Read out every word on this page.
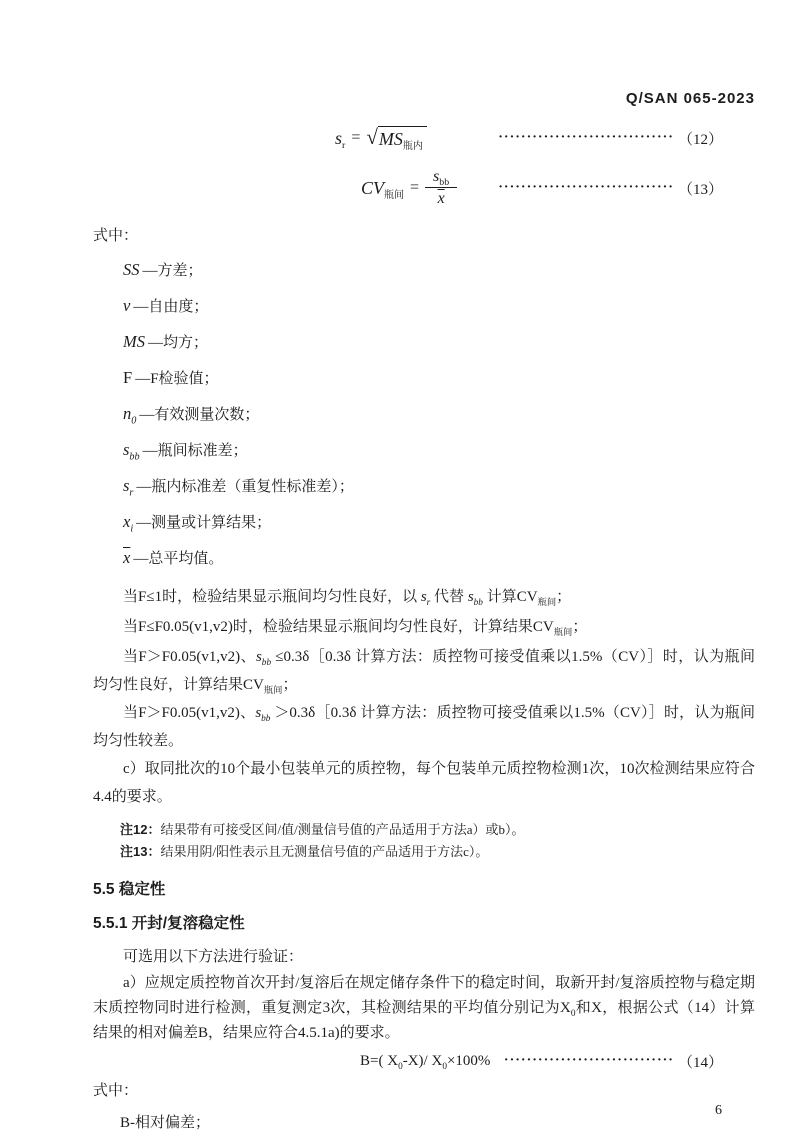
Q/SAN 065-2023
$s_r$ = √ $MS_{瓶内}$
······························· （12）
$CV_{瓶间} = \frac{s_{bb}}{x}$	······························· （13）
式中：
SS —方差；
v —自由度；
MS —均方；
F —F检验值；
$n_0$ —有效测量次数；
$s_{bb}$ —瓶间标准差；
$s_r$ —瓶内标准差（重复性标准差）；
$x_i$ —测量或计算结果；
$\overline{x}$ —总平均值。

当F≤1时，检验结果显示瓶间均匀性良好，以 $s_r$ 代替 $s_{bb}$ 计算$CV_{瓶间}$；

当F≤F0.05(v1,v2)时，检验结果显示瓶间均匀性良好，计算结果$CV_{瓶间}$；

当F＞F0.05(v1,v2)、$s_{bb}$ ≤0.3δ［0.3δ 计算方法：质控物可接受值乘以1.5%（CV）］时，认为瓶间均匀性良好，计算结果$CV_{瓶间}$；

当F＞F0.05(v1,v2)、$s_{bb}$ ＞0.3δ［0.3δ 计算方法：质控物可接受值乘以1.5%（CV）］时，认为瓶间均匀性较差。

c）取同批次的10个最小包装单元的质控物，每个包装单元质控物检测1次，10次检测结果应符合4.4的要求。

注12：结果带有可接受区间/值/测量信号值的产品适用于方法a）或b）。
注13：结果用阴/阳性表示且无测量信号值的产品适用于方法c）。
5.5 稳定性
5.5.1 开封/复溶稳定性

可选用以下方法进行验证：

a）应规定质控物首次开封/复溶后在规定储存条件下的稳定时间，取新开封/复溶质控物与稳定期末质控物同时进行检测，重复测定3次，其检测结果的平均值分别记为$X_0$和X，根据公式（14）计算结果的相对偏差B，结果应符合4.5.1a)的要求。

B=( $X_0-X)/$ $X_0\times 100\%$ ······························ （14）
式中：
B-相对偏差；
6
